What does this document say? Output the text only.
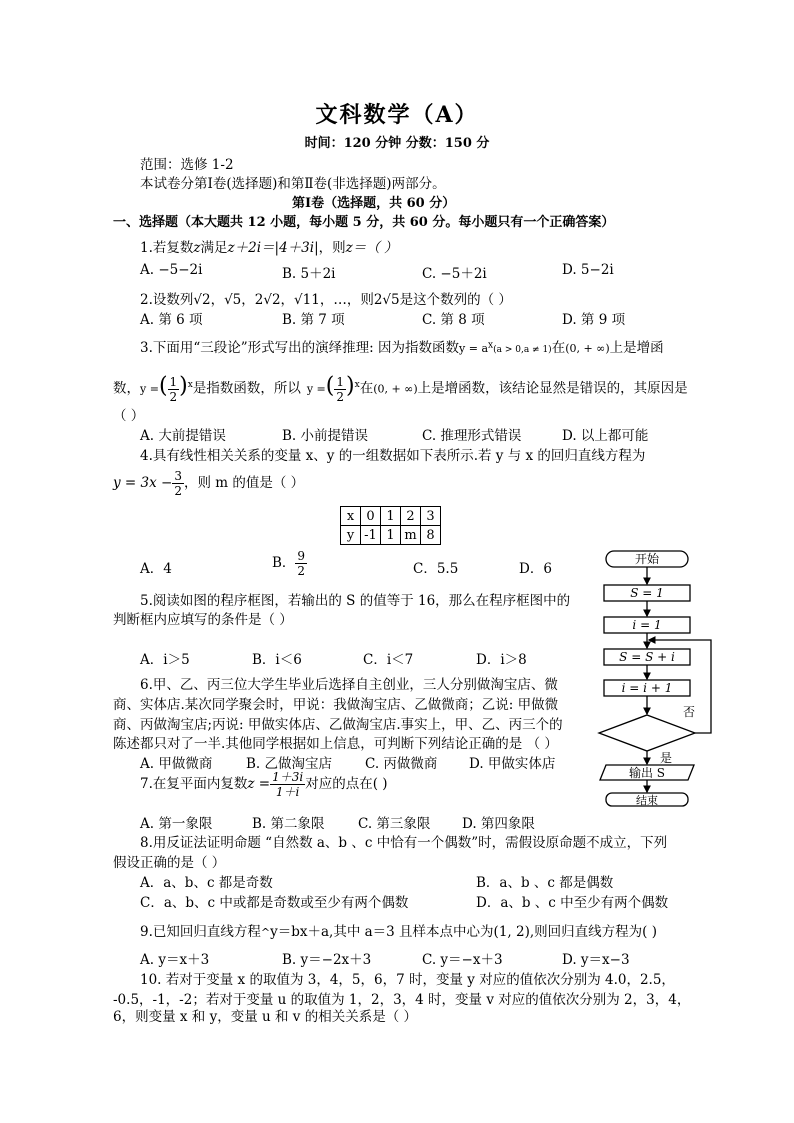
文科数学（A）
时间：120 分钟 分数：150 分
范围：选修 1-2
本试卷分第Ⅰ卷(选择题)和第Ⅱ卷(非选择题)两部分。
第Ⅰ卷（选择题，共 60 分）
一、选择题（本大题共 12 小题，每小题 5 分，共 60 分。每小题只有一个正确答案）
1.若复数z满足z＋2i＝|4＋3i|，则z＝（ ）
A. −5−2i	B. 5＋2i	C. −5＋2i	D. 5−2i
2.设数列√2，√5，2√2，√11，…，则2√5是这个数列的（ ）
A. 第 6 项	B. 第 7 项	C. 第 8 项	D. 第 9 项
3.下面用“三段论”形式写出的演绎推理: 因为指数函数$y = a^x(a > 0,a \ne 1)$在(0, + ∞)上是增函
数，y =( $\frac{1}{2} )^x$是指数函数，所以 y =( $\frac{1}{2} )^x$在(0, + ∞)上是增函数，该结论显然是错误的，其原因是
（ ）
A. 大前提错误	B. 小前提错误	C. 推理形式错误	D. 以上都可能
4.具有线性相关关系的变量 x、y 的一组数据如下表所示.若 y 与 x 的回归直线方程为
$y = 3x - \frac{3}{2}$ ，则 m 的值是（ ）
x	0	1	2	3
y	-1	1	m	8
A．4	B． $\frac{9}{2}$	C．5.5	D．6
5.阅读如图的程序框图，若输出的 S 的值等于 16，那么在程序框图中的
判断框内应填写的条件是（ ）
A．i＞5	B．i＜6	C．i＜7	D．i＞8
开始
S = 1
i = 1
S = S + i
i = i + 1
否
是
输出 S
结束
6.甲、乙、丙三位大学生毕业后选择自主创业，三人分别做淘宝店、微
商、实体店.某次同学聚会时，甲说：我做淘宝店、乙做微商；乙说: 甲做微
商、丙做淘宝店;丙说: 甲做实体店、乙做淘宝店.事实上，甲、乙、丙三个的
陈述都只对了一半.其他同学根据如上信息，可判断下列结论正确的是 （ ）
A. 甲做微商 B. 乙做淘宝店 C. 丙做微商 D. 甲做实体店
7.在复平面内复数$z = \frac{1+3i}{1+i}$ 对应的点在( )
A. 第一象限	B. 第二象限 C. 第三象限 D. 第四象限
8.用反证法证明命题 “自然数 a、b 、c 中恰有一个偶数”时，需假设原命题不成立，下列
假设正确的是（ ）
A．a、b、c 都是奇数	B．a、b 、c 都是偶数
C．a、b、c 中或都是奇数或至少有两个偶数	D．a、b 、c 中至少有两个偶数
9.已知回归直线方程^y＝bx＋a,其中 a＝3 且样本点中心为(1, 2),则回归直线方程为( )
A. y＝x＋3	B. y＝−2x＋3	C. y＝−x＋3	D. y＝x−3
10. 若对于变量 x 的取值为 3，4，5，6，7 时，变量 y 对应的值依次分别为 4.0，2.5，
-0.5，-1，-2；若对于变量 u 的取值为 1，2，3，4 时，变量 v 对应的值依次分别为 2，3，4，
6，则变量 x 和 y，变量 u 和 v 的相关关系是（ ）
